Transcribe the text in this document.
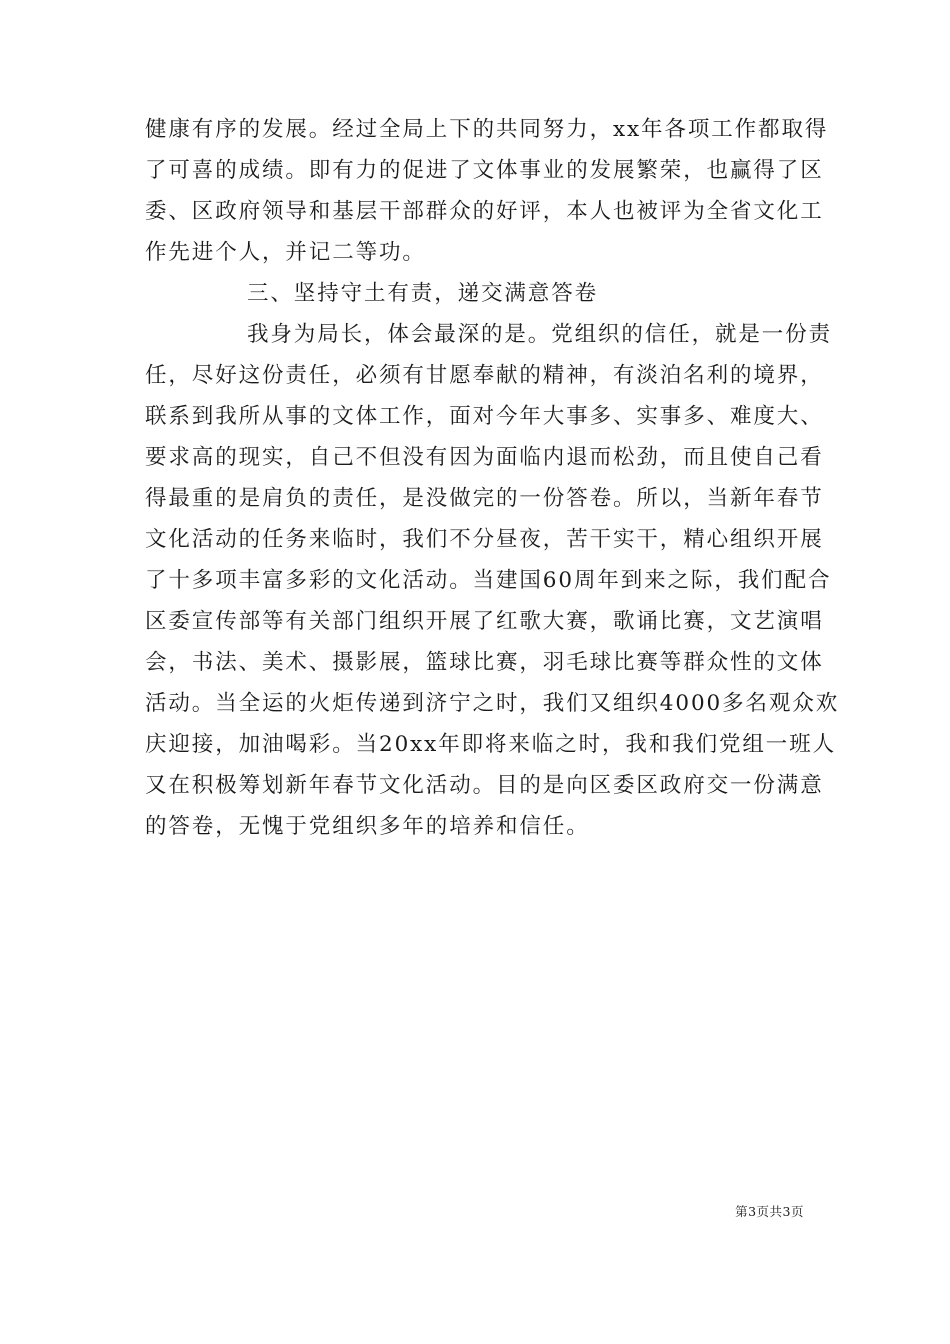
健康有序的发展。经过全局上下的共同努力，xx年各项工作都取得
了可喜的成绩。即有力的促进了文体事业的发展繁荣，也赢得了区
委、区政府领导和基层干部群众的好评，本人也被评为全省文化工
作先进个人，并记二等功。
三、坚持守土有责，递交满意答卷
我身为局长，体会最深的是。党组织的信任，就是一份责
任，尽好这份责任，必须有甘愿奉献的精神，有淡泊名利的境界，
联系到我所从事的文体工作，面对今年大事多、实事多、难度大、
要求高的现实，自己不但没有因为面临内退而松劲，而且使自己看
得最重的是肩负的责任，是没做完的一份答卷。所以，当新年春节
文化活动的任务来临时，我们不分昼夜，苦干实干，精心组织开展
了十多项丰富多彩的文化活动。当建国60周年到来之际，我们配合
区委宣传部等有关部门组织开展了红歌大赛，歌诵比赛，文艺演唱
会，书法、美术、摄影展，篮球比赛，羽毛球比赛等群众性的文体
活动。当全运的火炬传递到济宁之时，我们又组织4000多名观众欢
庆迎接，加油喝彩。当20xx年即将来临之时，我和我们党组一班人
又在积极筹划新年春节文化活动。目的是向区委区政府交一份满意
的答卷，无愧于党组织多年的培养和信任。
第3页共3页
